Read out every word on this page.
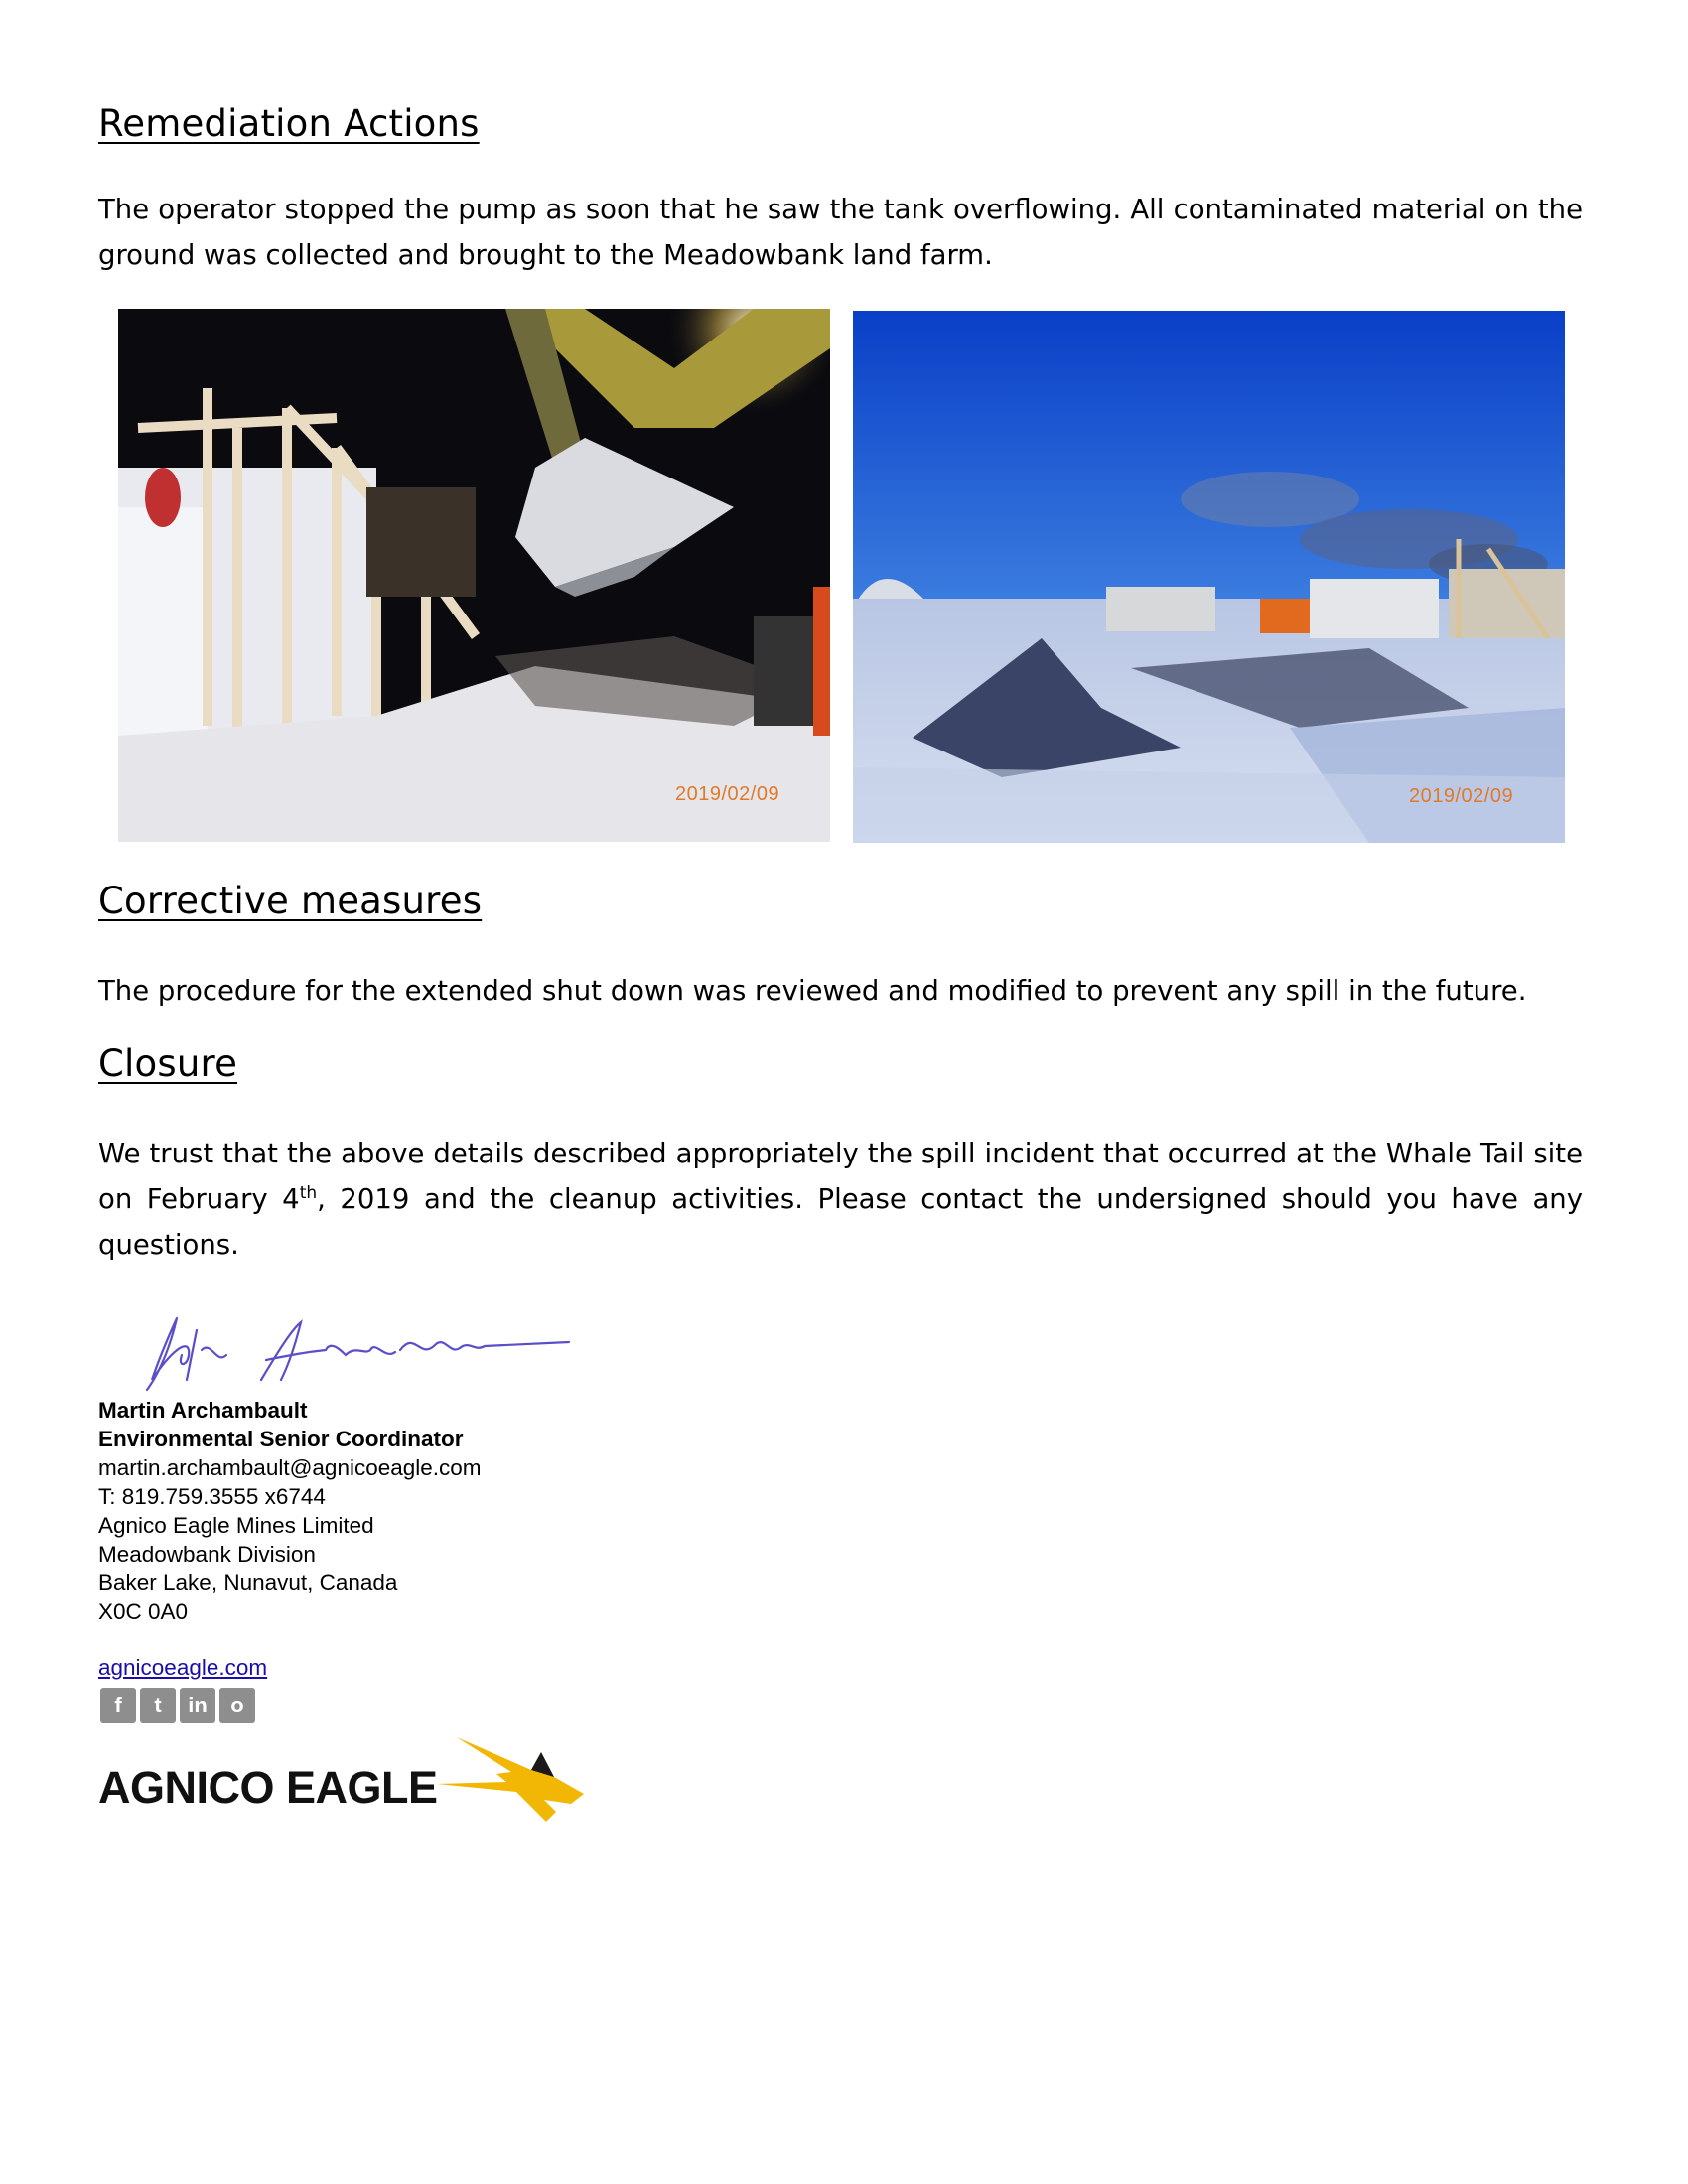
Remediation Actions

The operator stopped the pump as soon that he saw the tank overflowing. All contaminated material on the ground was collected and brought to the Meadowbank land farm.

2019/02/09	2019/02/09
Corrective measures

The procedure for the extended shut down was reviewed and modified to prevent any spill in the future.

Closure

We trust that the above details described appropriately the spill incident that occurred at the Whale Tail site on February 4th, 2019 and the cleanup activities. Please contact the undersigned should you have any questions.

Martin Archambault
Environmental Senior Coordinator
martin.archambault@agnicoeagle.com
T: 819.759.3555 x6744
Agnico Eagle Mines Limited
Meadowbank Division
Baker Lake, Nunavut, Canada
X0C 0A0
agnicoeagle.com
f	t	in	o
AGNICO EAGLE
